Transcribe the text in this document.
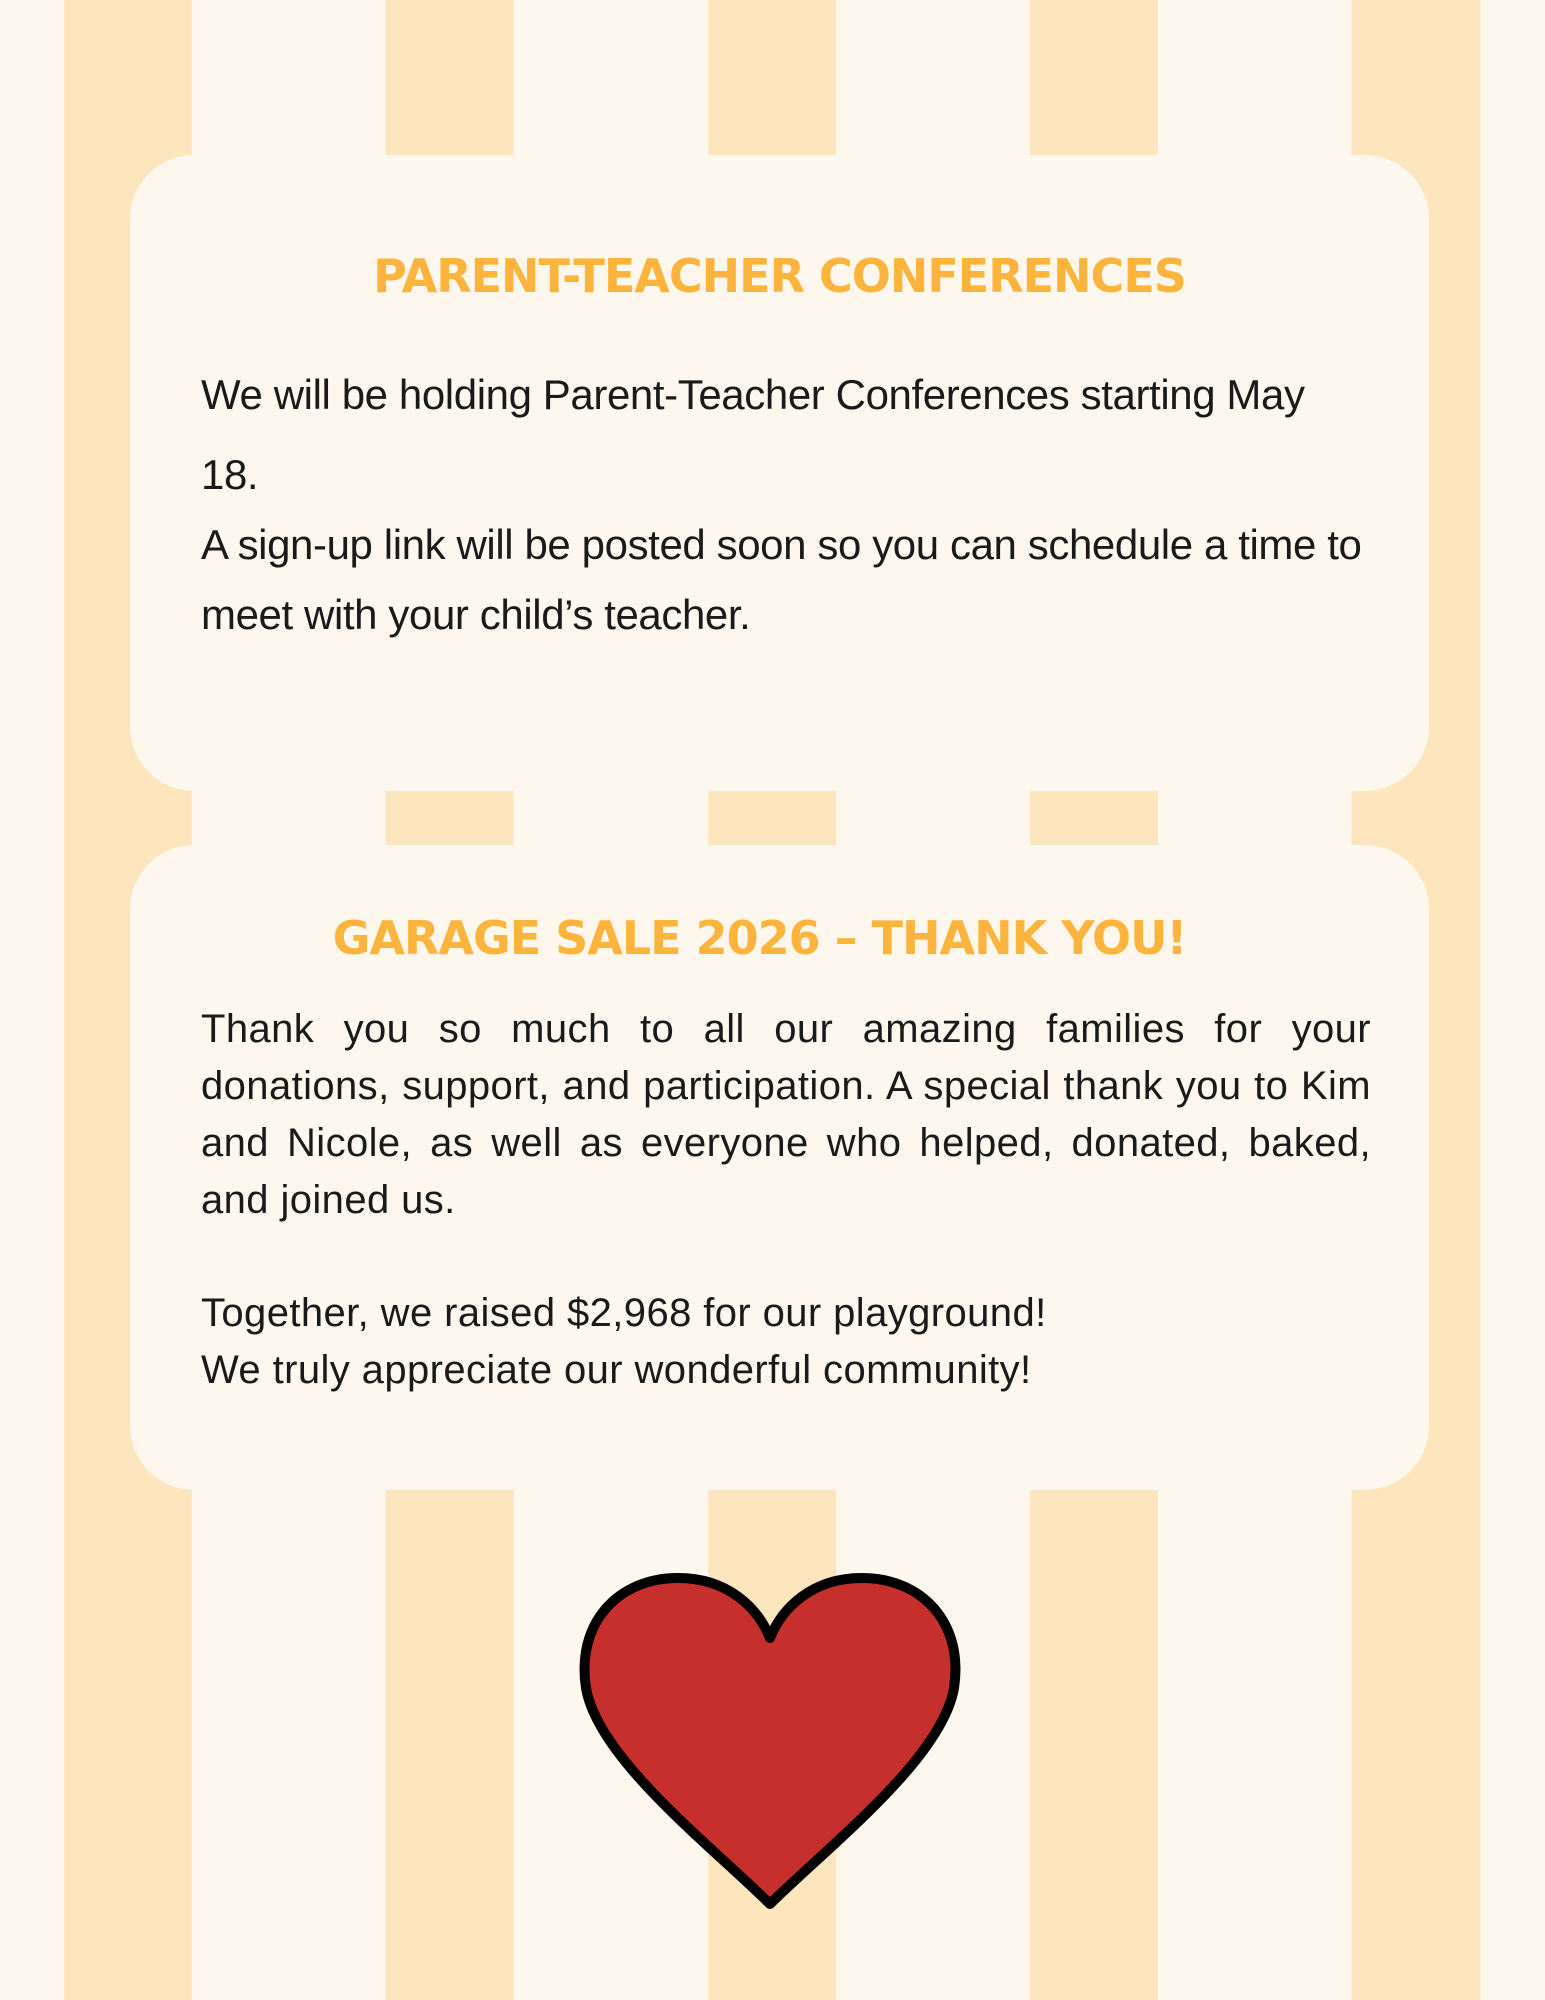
PARENT-TEACHER CONFERENCES

We will be holding Parent-Teacher Conferences starting May 18.

A sign-up link will be posted soon so you can schedule a time to meet with your child’s teacher.

GARAGE SALE 2026 – THANK YOU!

Thank you so much to all our amazing families for your donations, support, and participation. A special thank you to Kim and Nicole, as well as everyone who helped, donated, baked, and joined us.

Together, we raised $2,968 for our playground!

We truly appreciate our wonderful community!
